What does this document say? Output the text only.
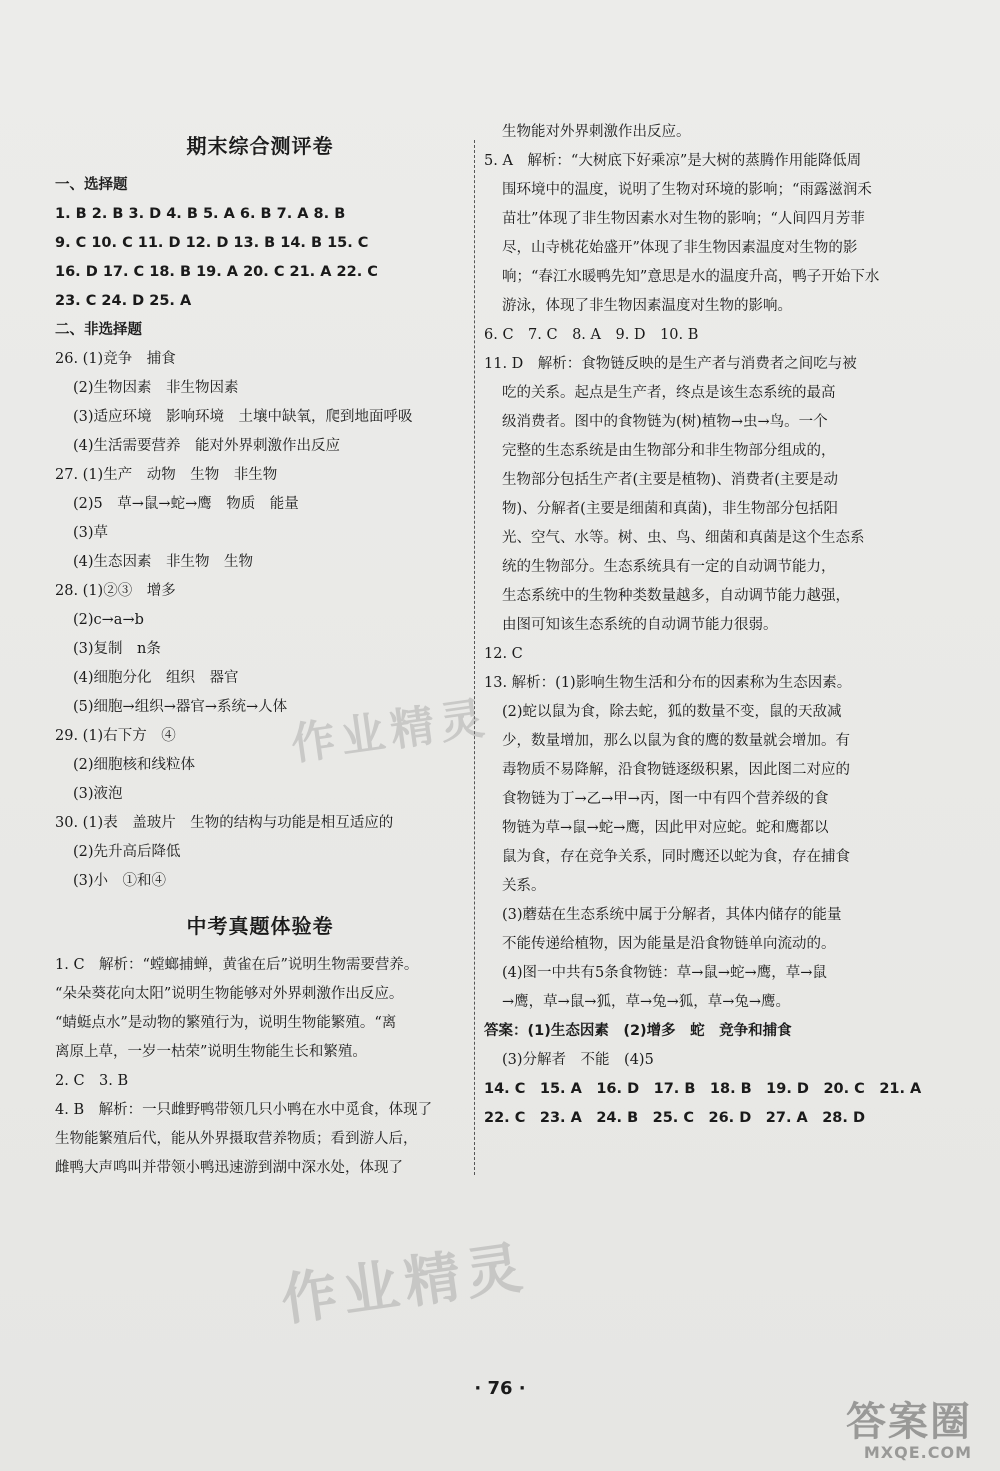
期末综合测评卷
一、选择题
1. B 2. B 3. D 4. B 5. A 6. B 7. A 8. B
9. C 10. C 11. D 12. D 13. B 14. B 15. C
16. D 17. C 18. B 19. A 20. C 21. A 22. C
23. C 24. D 25. A
二、非选择题
26. (1)竞争　捕食
(2)生物因素　非生物因素
(3)适应环境　影响环境　土壤中缺氧，爬到地面呼吸
(4)生活需要营养　能对外界刺激作出反应
27. (1)生产　动物　生物　非生物
(2)5　草→鼠→蛇→鹰　物质　能量
(3)草
(4)生态因素　非生物　生物
28. (1)②③　增多
(2)c→a→b
(3)复制　n条
(4)细胞分化　组织　器官
(5)细胞→组织→器官→系统→人体
29. (1)右下方　④
(2)细胞核和线粒体
(3)液泡
30. (1)表　盖玻片　生物的结构与功能是相互适应的
(2)先升高后降低
(3)小　①和④
中考真题体验卷
1. C　解析：“螳螂捕蝉，黄雀在后”说明生物需要营养。
“朵朵葵花向太阳”说明生物能够对外界刺激作出反应。
“蜻蜓点水”是动物的繁殖行为，说明生物能繁殖。“离
离原上草，一岁一枯荣”说明生物能生长和繁殖。
2. C　3. B
4. B　解析：一只雌野鸭带领几只小鸭在水中觅食，体现了
生物能繁殖后代，能从外界摄取营养物质；看到游人后，
雌鸭大声鸣叫并带领小鸭迅速游到湖中深水处，体现了
生物能对外界刺激作出反应。
5. A　解析：“大树底下好乘凉”是大树的蒸腾作用能降低周
围环境中的温度，说明了生物对环境的影响；“雨露滋润禾
苗壮”体现了非生物因素水对生物的影响；“人间四月芳菲
尽，山寺桃花始盛开”体现了非生物因素温度对生物的影
响；“春江水暖鸭先知”意思是水的温度升高，鸭子开始下水
游泳，体现了非生物因素温度对生物的影响。
6. C　7. C　8. A　9. D　10. B
11. D　解析：食物链反映的是生产者与消费者之间吃与被
吃的关系。起点是生产者，终点是该生态系统的最高
级消费者。图中的食物链为(树)植物→虫→鸟。一个
完整的生态系统是由生物部分和非生物部分组成的，
生物部分包括生产者(主要是植物)、消费者(主要是动
物)、分解者(主要是细菌和真菌)，非生物部分包括阳
光、空气、水等。树、虫、鸟、细菌和真菌是这个生态系
统的生物部分。生态系统具有一定的自动调节能力，
生态系统中的生物种类数量越多，自动调节能力越强，
由图可知该生态系统的自动调节能力很弱。
12. C
13. 解析：(1)影响生物生活和分布的因素称为生态因素。
(2)蛇以鼠为食，除去蛇，狐的数量不变，鼠的天敌减
少，数量增加，那么以鼠为食的鹰的数量就会增加。有
毒物质不易降解，沿食物链逐级积累，因此图二对应的
食物链为丁→乙→甲→丙，图一中有四个营养级的食
物链为草→鼠→蛇→鹰，因此甲对应蛇。蛇和鹰都以
鼠为食，存在竞争关系，同时鹰还以蛇为食，存在捕食
关系。
(3)蘑菇在生态系统中属于分解者，其体内储存的能量
不能传递给植物，因为能量是沿食物链单向流动的。
(4)图一中共有5条食物链：草→鼠→蛇→鹰，草→鼠
→鹰，草→鼠→狐，草→兔→狐，草→兔→鹰。
答案：(1)生态因素　(2)增多　蛇　竞争和捕食
(3)分解者　不能　(4)5
14. C　15. A　16. D　17. B　18. B　19. D　20. C　21. A
22. C　23. A　24. B　25. C　26. D　27. A　28. D
作业精灵
作业精灵
· 76 ·
答案圈
MXQE.COM
